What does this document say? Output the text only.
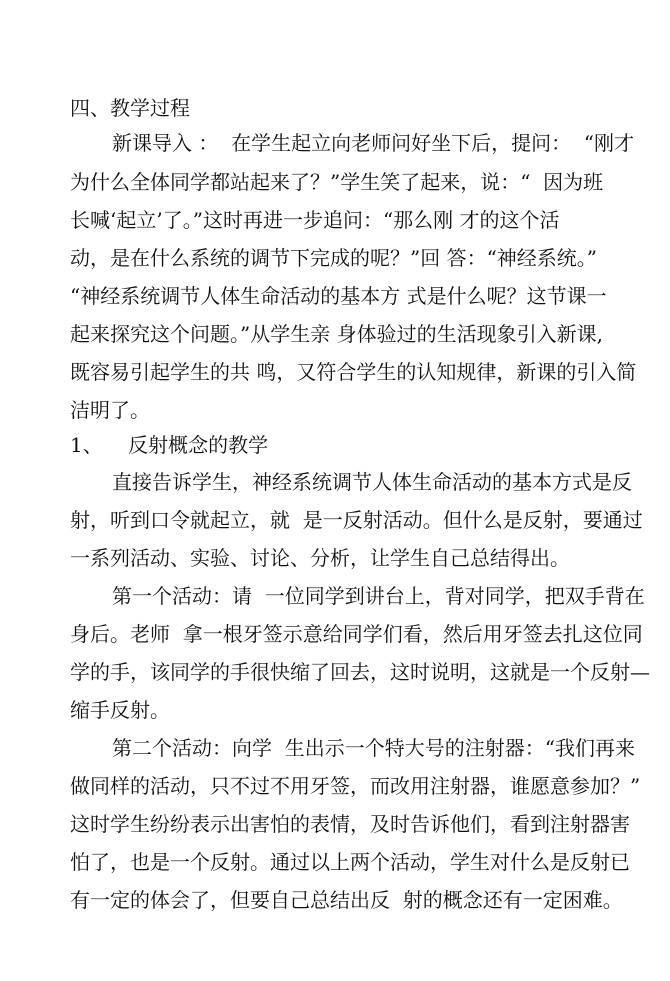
四、教学过程
新课导入 ：  在学生起立向老师问好坐下后，提问：  “刚才
为什么全体同学都站起来了？”学生笑了起来，说：“  因为班
长喊‘起立’了。”这时再进一步追问：“那么刚 才的这个活
动，是在什么系统的调节下完成的呢？”回 答：“神经系统。”
“神经系统调节人体生命活动的基本方 式是什么呢？这节课一
起来探究这个问题。”从学生亲 身体验过的生活现象引入新课,
既容易引起学生的共 鸣，又符合学生的认知规律，新课的引入简
洁明了。
1、    反射概念的教学
直接告诉学生，神经系统调节人体生命活动的基本方式是反
射，听到口令就起立，就  是一反射活动。但什么是反射，要通过
一系列活动、实验、讨论、分析，让学生自己总结得出。
第一个活动：请  一位同学到讲台上，背对同学，把双手背在
身后。老师  拿一根牙签示意给同学们看，然后用牙签去扎这位同
学的手，该同学的手很快缩了回去，这时说明，这就是一个反射—
缩手反射。
第二个活动：向学  生出示一个特大号的注射器：“我们再来
做同样的活动，只不过不用牙签，而改用注射器，谁愿意参加？”
这时学生纷纷表示出害怕的表情，及时告诉他们，看到注射器害
怕了，也是一个反射。通过以上两个活动，学生对什么是反射已
有一定的体会了，但要自己总结出反  射的概念还有一定困难。
